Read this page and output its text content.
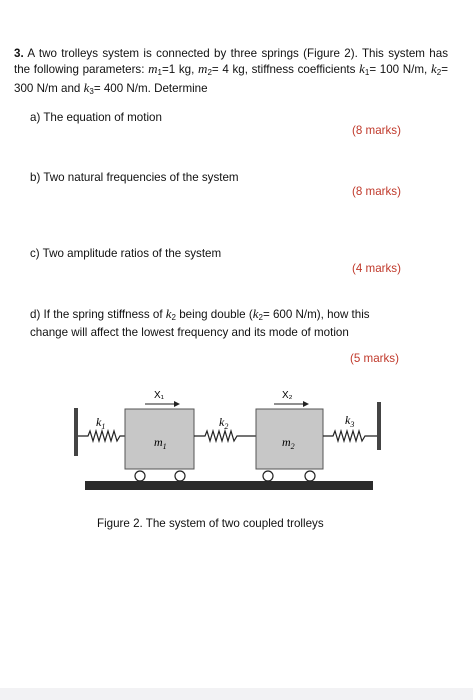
3. A two trolleys system is connected by three springs (Figure 2). This system has the following parameters: $m_1=1$ kg, $m_2= 4$ kg, stiffness coefficients $k_1= 100$ N/m, $k_2= 300$ N/m and $k_3= 400$ N/m. Determine
a) The equation of motion
(8 marks)
b) Two natural frequencies of the system
(8 marks)
c) Two amplitude ratios of the system
(4 marks)
d) If the spring stiffness of $k_2$ being double ($k_2= 600$ N/m), how this
change will affect the lowest frequency and its mode of motion
(5 marks)
X₁	X₂
$k_1$	$k_2$	$k_3$
$m_1$	$m_2$
Figure 2. The system of two coupled trolleys
